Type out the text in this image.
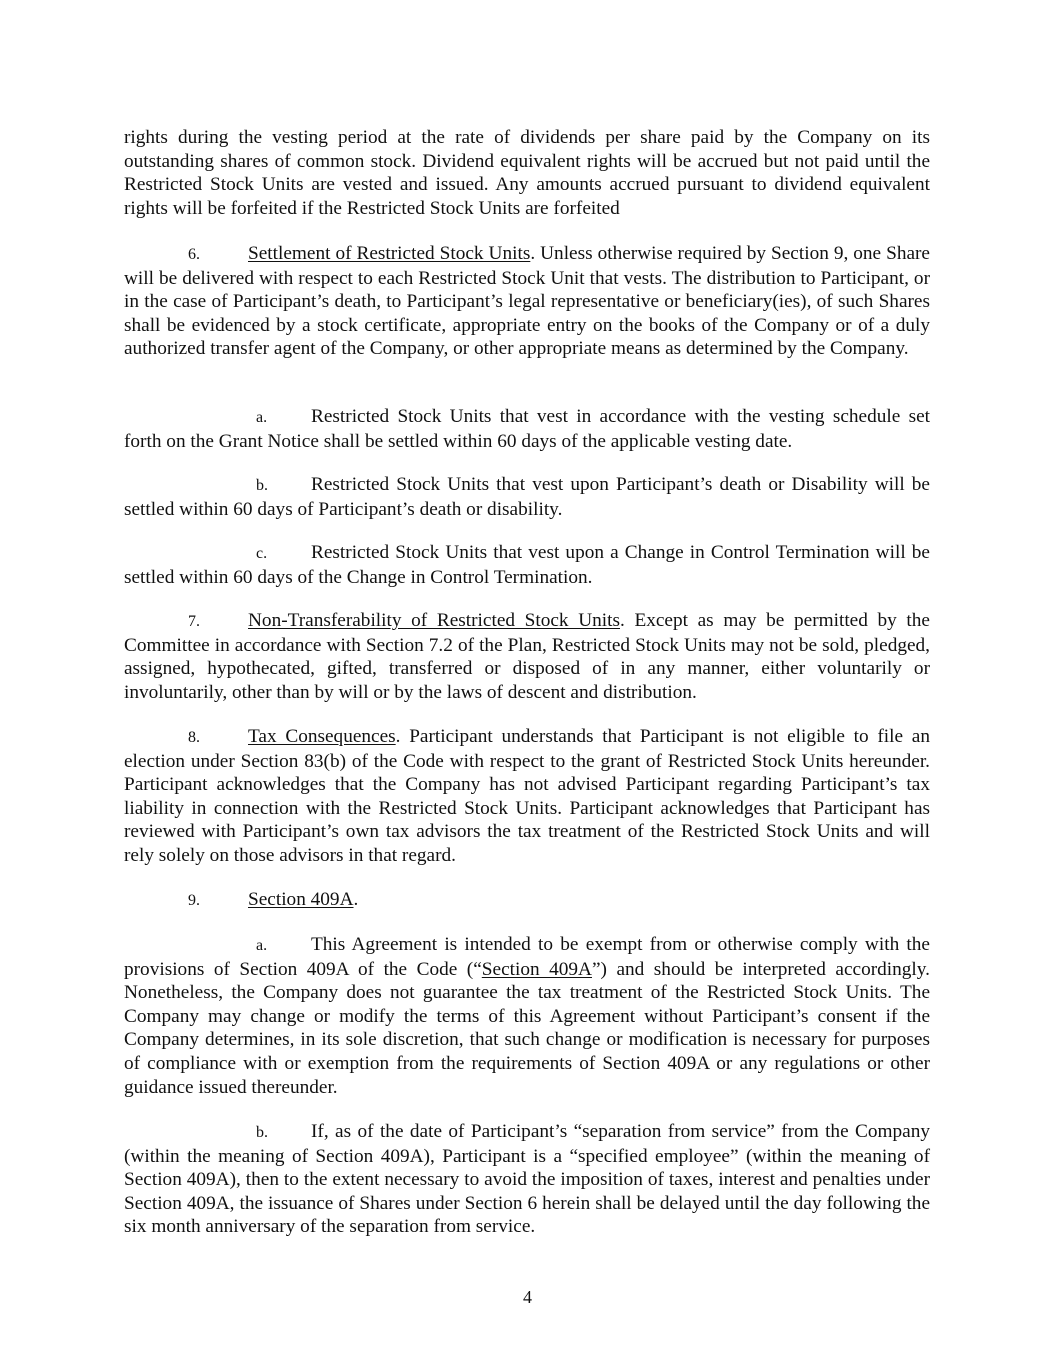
rights during the vesting period at the rate of dividends per share paid by the Company on its outstanding shares of common stock. Dividend equivalent rights will be accrued but not paid until the Restricted Stock Units are vested and issued. Any amounts accrued pursuant to dividend equivalent rights will be forfeited if the Restricted Stock Units are forfeited

6. Settlement of Restricted Stock Units. Unless otherwise required by Section 9, one Share will be delivered with respect to each Restricted Stock Unit that vests. The distribution to Participant, or in the case of Participant’s death, to Participant’s legal representative or beneficiary(ies), of such Shares shall be evidenced by a stock certificate, appropriate entry on the books of the Company or of a duly authorized transfer agent of the Company, or other appropriate means as determined by the Company.

a. Restricted Stock Units that vest in accordance with the vesting schedule set forth on the Grant Notice shall be settled within 60 days of the applicable vesting date.

b. Restricted Stock Units that vest upon Participant’s death or Disability will be settled within 60 days of Participant’s death or disability.

c. Restricted Stock Units that vest upon a Change in Control Termination will be settled within 60 days of the Change in Control Termination.

7. Non-Transferability of Restricted Stock Units. Except as may be permitted by the Committee in accordance with Section 7.2 of the Plan, Restricted Stock Units may not be sold, pledged, assigned, hypothecated, gifted, transferred or disposed of in any manner, either voluntarily or involuntarily, other than by will or by the laws of descent and distribution.

8. Tax Consequences. Participant understands that Participant is not eligible to file an election under Section 83(b) of the Code with respect to the grant of Restricted Stock Units hereunder. Participant acknowledges that the Company has not advised Participant regarding Participant’s tax liability in connection with the Restricted Stock Units. Participant acknowledges that Participant has reviewed with Participant’s own tax advisors the tax treatment of the Restricted Stock Units and will rely solely on those advisors in that regard.

9. Section 409A.

a. This Agreement is intended to be exempt from or otherwise comply with the provisions of Section 409A of the Code (“Section 409A”) and should be interpreted accordingly. Nonetheless, the Company does not guarantee the tax treatment of the Restricted Stock Units. The Company may change or modify the terms of this Agreement without Participant’s consent if the Company determines, in its sole discretion, that such change or modification is necessary for purposes of compliance with or exemption from the requirements of Section 409A or any regulations or other guidance issued thereunder.

b. If, as of the date of Participant’s “separation from service” from the Company (within the meaning of Section 409A), Participant is a “specified employee” (within the meaning of Section 409A), then to the extent necessary to avoid the imposition of taxes, interest and penalties under Section 409A, the issuance of Shares under Section 6 herein shall be delayed until the day following the six month anniversary of the separation from service.

4
